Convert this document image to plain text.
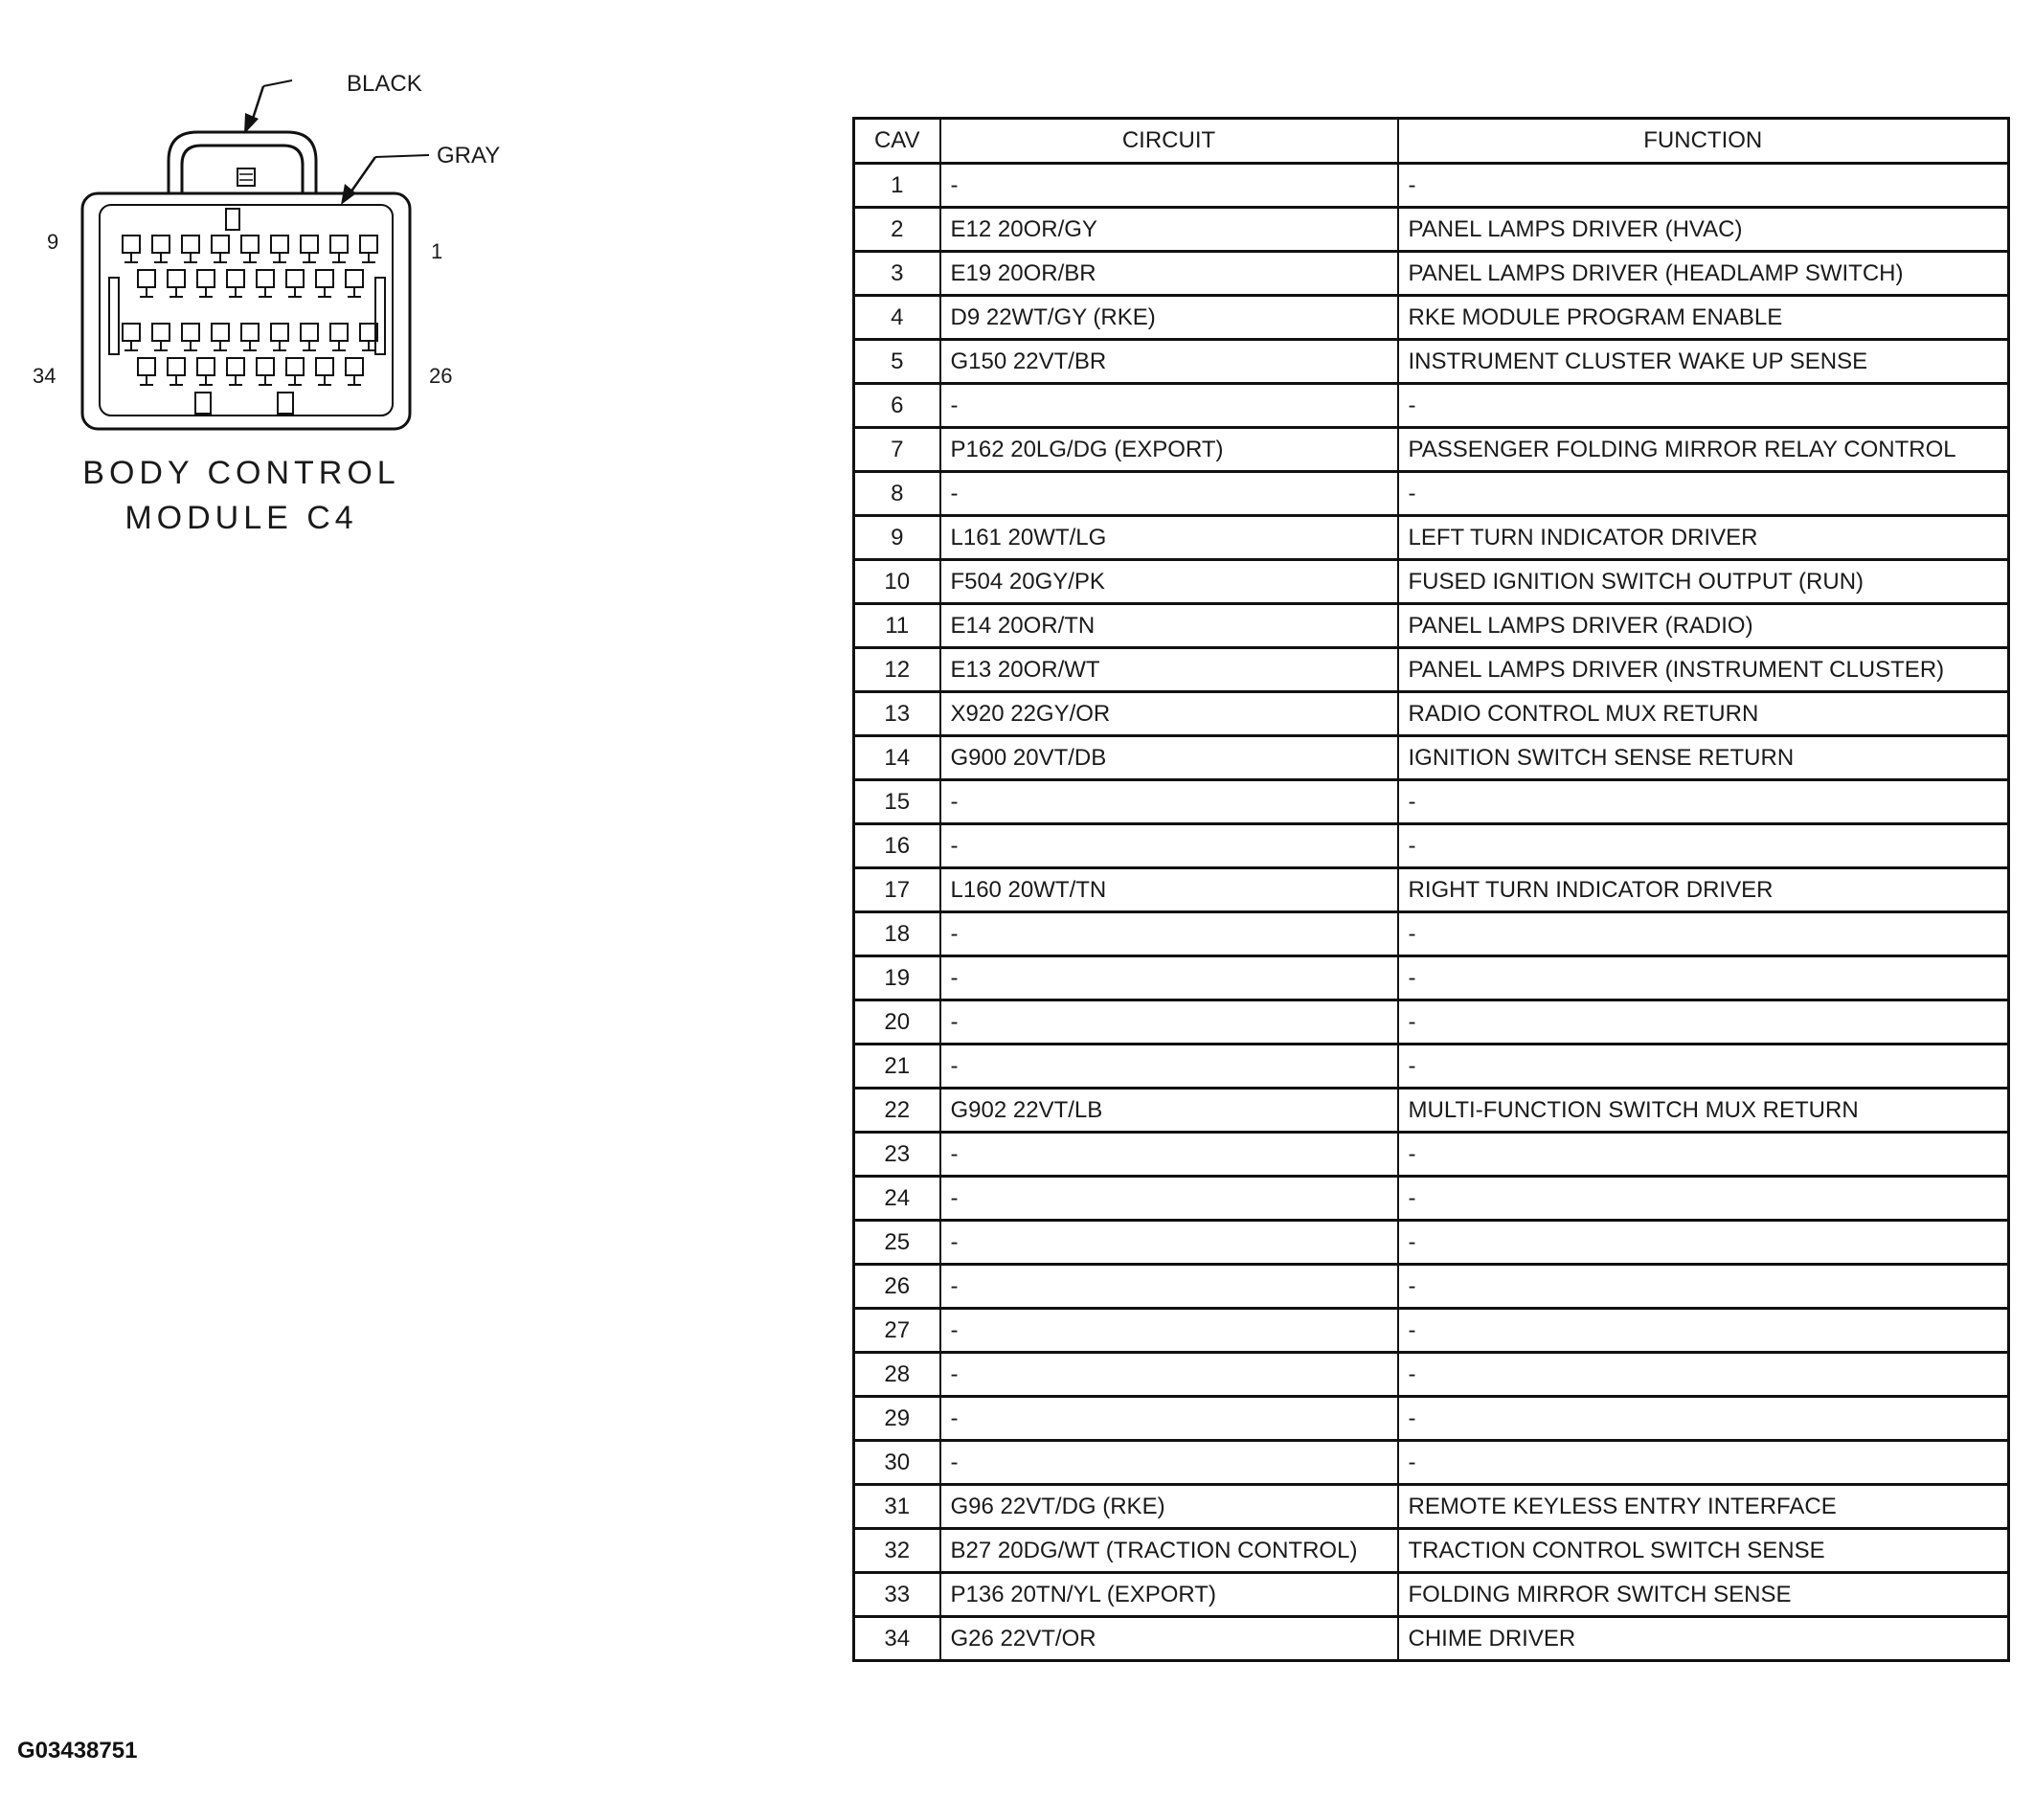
BLACK
GRAY
9	1
34	26
BODY CONTROL
MODULE C4
CAV	CIRCUIT	FUNCTION
1	-	-
2	E12 20OR/GY	PANEL LAMPS DRIVER (HVAC)
3	E19 20OR/BR	PANEL LAMPS DRIVER (HEADLAMP SWITCH)
4	D9 22WT/GY (RKE)	RKE MODULE PROGRAM ENABLE
5	G150 22VT/BR	INSTRUMENT CLUSTER WAKE UP SENSE
6	-	-
7	P162 20LG/DG (EXPORT)	PASSENGER FOLDING MIRROR RELAY CONTROL
8	-	-
9	L161 20WT/LG	LEFT TURN INDICATOR DRIVER
10	F504 20GY/PK	FUSED IGNITION SWITCH OUTPUT (RUN)
11	E14 20OR/TN	PANEL LAMPS DRIVER (RADIO)
12	E13 20OR/WT	PANEL LAMPS DRIVER (INSTRUMENT CLUSTER)
13	X920 22GY/OR	RADIO CONTROL MUX RETURN
14	G900 20VT/DB	IGNITION SWITCH SENSE RETURN
15	-	-
16	-	-
17	L160 20WT/TN	RIGHT TURN INDICATOR DRIVER
18	-	-
19	-	-
20	-	-
21	-	-
22	G902 22VT/LB	MULTI-FUNCTION SWITCH MUX RETURN
23	-	-
24	-	-
25	-	-
26	-	-
27	-	-
28	-	-
29	-	-
30	-	-
31	G96 22VT/DG (RKE)	REMOTE KEYLESS ENTRY INTERFACE
32	B27 20DG/WT (TRACTION CONTROL)	TRACTION CONTROL SWITCH SENSE
33	P136 20TN/YL (EXPORT)	FOLDING MIRROR SWITCH SENSE
34	G26 22VT/OR	CHIME DRIVER
G03438751
